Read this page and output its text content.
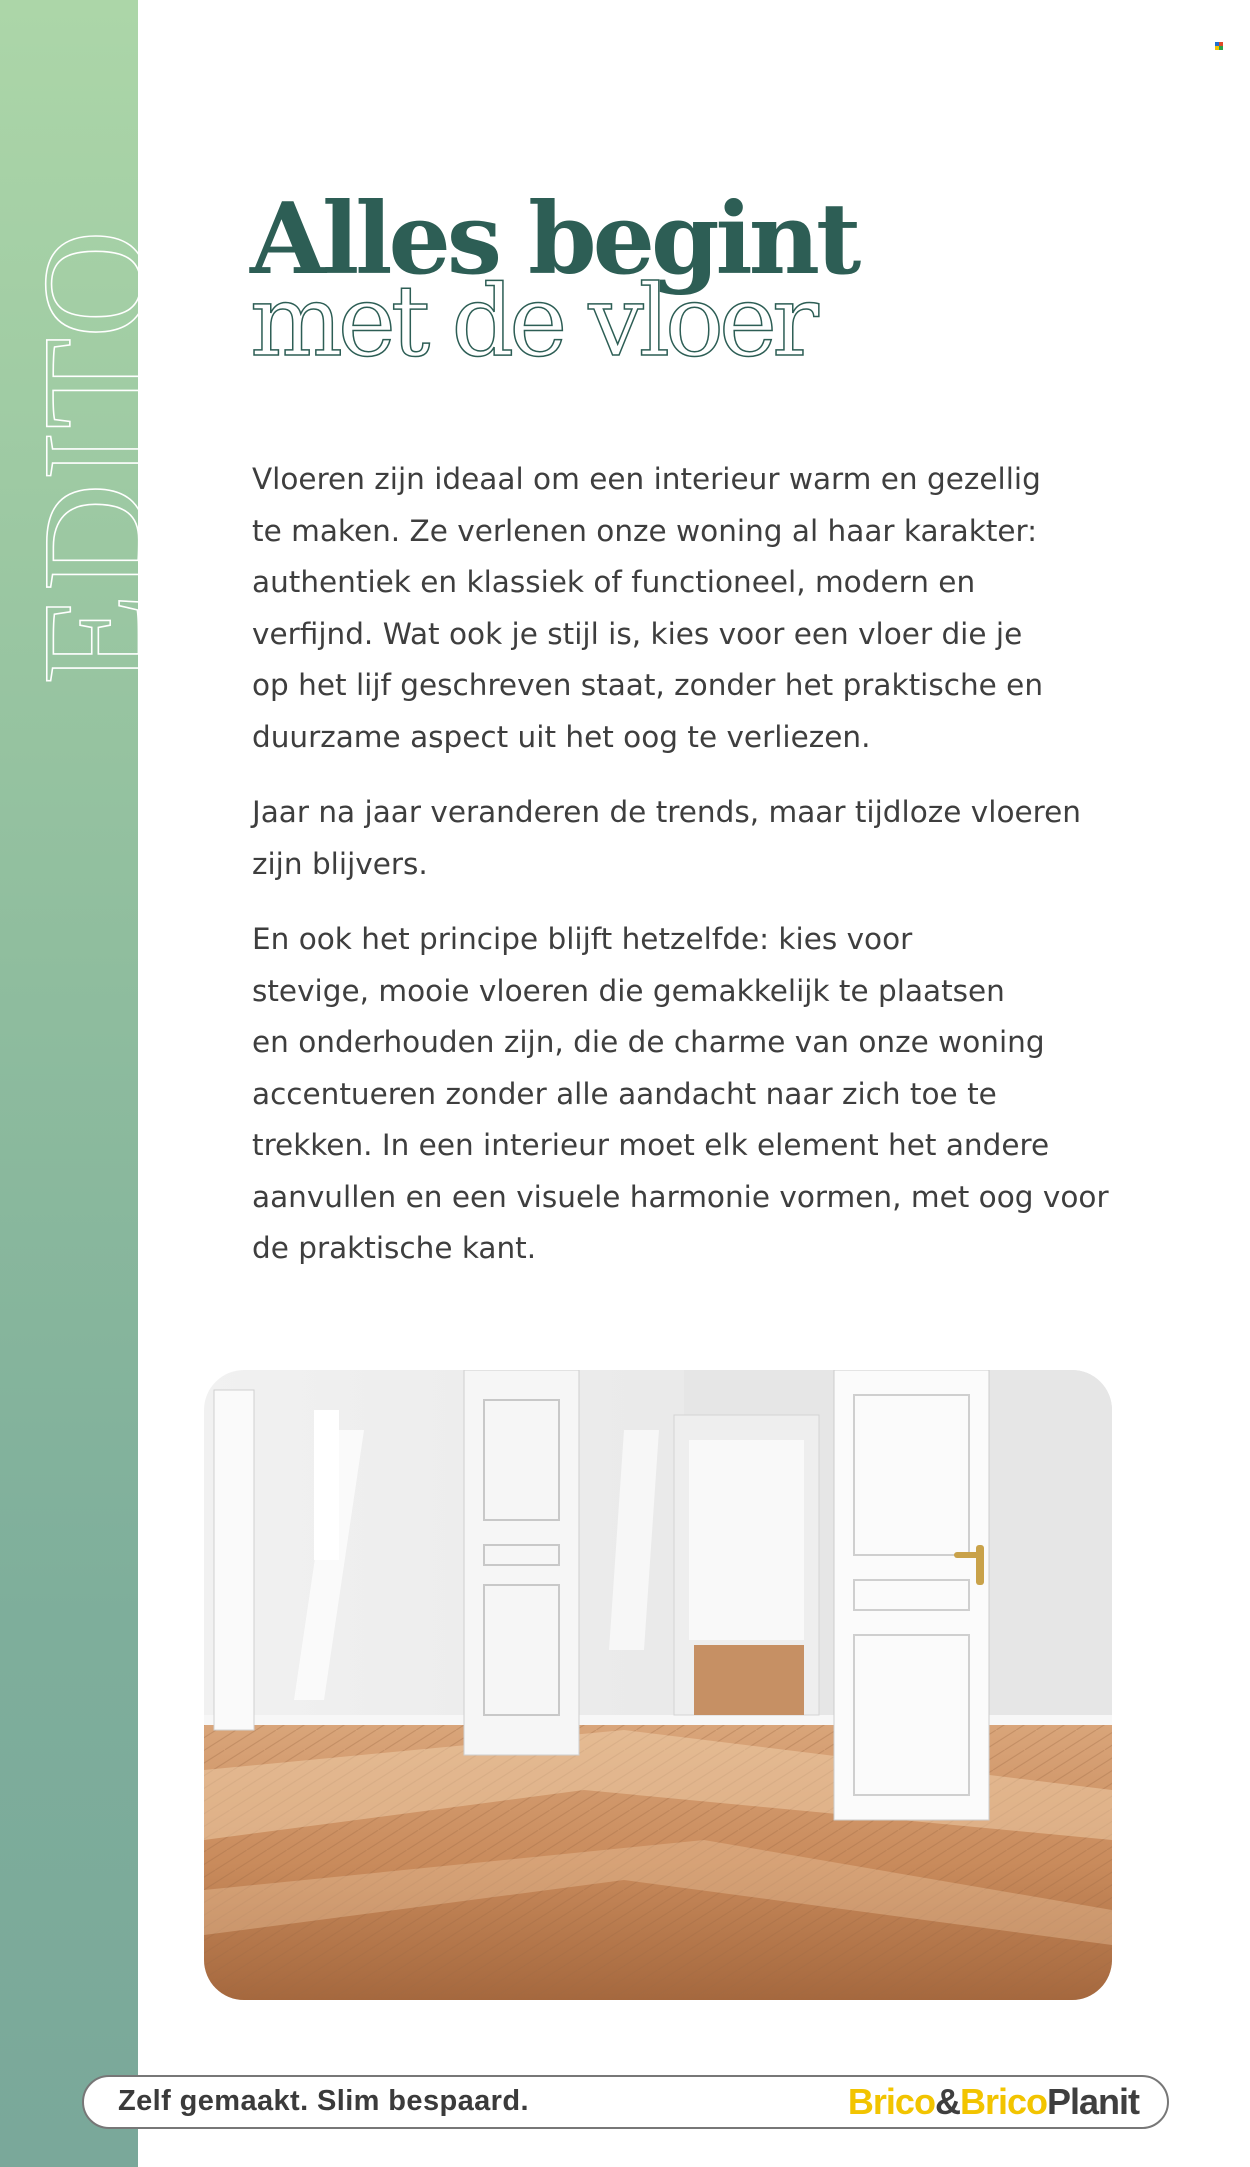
EDITO Alles begint
met de vloer

Vloeren zijn ideaal om een interieur warm en gezellig
te maken. Ze verlenen onze woning al haar karakter:
authentiek en klassiek of functioneel, modern en
verfijnd. Wat ook je stijl is, kies voor een vloer die je
op het lijf geschreven staat, zonder het praktische en
duurzame aspect uit het oog te verliezen.

Jaar na jaar veranderen de trends, maar tijdloze vloeren
zijn blijvers.

En ook het principe blijft hetzelfde: kies voor
stevige, mooie vloeren die gemakkelijk te plaatsen
en onderhouden zijn, die de charme van onze woning
accentueren zonder alle aandacht naar zich toe te
trekken. In een interieur moet elk element het andere
aanvullen en een visuele harmonie vormen, met oog voor
de praktische kant.

Zelf gemaakt. Slim bespaard.	Brico&BricoPlanit
